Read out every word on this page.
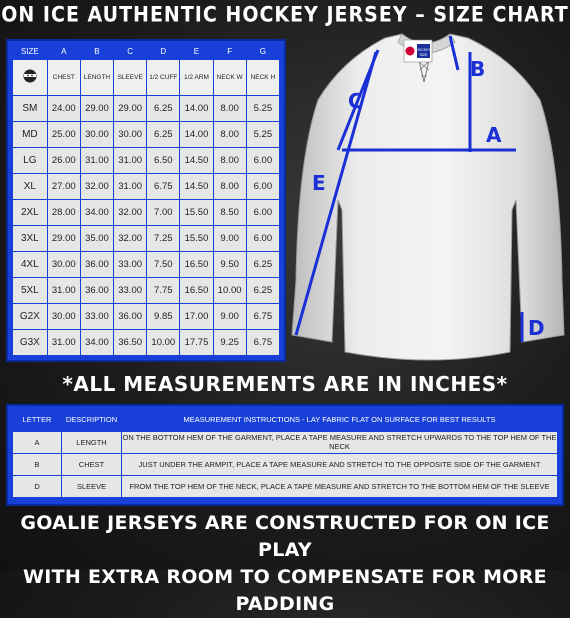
ON ICE AUTHENTIC HOCKEY JERSEY – SIZE CHART
SIZE	A	B	C	D	E	F	G
	CHEST	LENGTH	SLEEVE	1/2 CUFF	1/2 ARM	NECK W	NECK H
SM	24.00	29.00	29.00	6.25	14.00	8.00	5.25
MD	25.00	30.00	30.00	6.25	14.00	8.00	5.25
LG	26.00	31.00	31.00	6.50	14.50	8.00	6.00
XL	27.00	32.00	31.00	6.75	14.50	8.00	6.00
2XL	28.00	34.00	32.00	7.00	15.50	8.50	6.00
3XL	29.00	35.00	32.00	7.25	15.50	9.00	6.00
4XL	30.00	36.00	33.00	7.50	16.50	9.50	6.25
5XL	31.00	36.00	33.00	7.75	16.50	10.00	6.25
G2X	30.00	33.00	36.00	9.85	17.00	9.00	6.75
G3X	31.00	34.00	36.50	10.00	17.75	9.25	6.75
HOCKEY
SIZE
C
B
A
E
D
*ALL MEASUREMENTS ARE IN INCHES*
LETTER	DESCRIPTION	MEASUREMENT INSTRUCTIONS - LAY FABRIC FLAT ON SURFACE FOR BEST RESULTS
A	LENGTH	ON THE BOTTOM HEM OF THE GARMENT, PLACE A TAPE MEASURE AND STRETCH UPWARDS TO THE TOP HEM OF THE NECK
B	CHEST	JUST UNDER THE ARMPIT, PLACE A TAPE MEASURE AND STRETCH TO THE OPPOSITE SIDE OF THE GARMENT
D	SLEEVE	FROM THE TOP HEM OF THE NECK, PLACE A TAPE MEASURE AND STRETCH TO THE BOTTOM HEM OF THE SLEEVE
GOALIE JERSEYS ARE CONSTRUCTED FOR ON ICE PLAY
WITH EXTRA ROOM TO COMPENSATE FOR MORE PADDING
